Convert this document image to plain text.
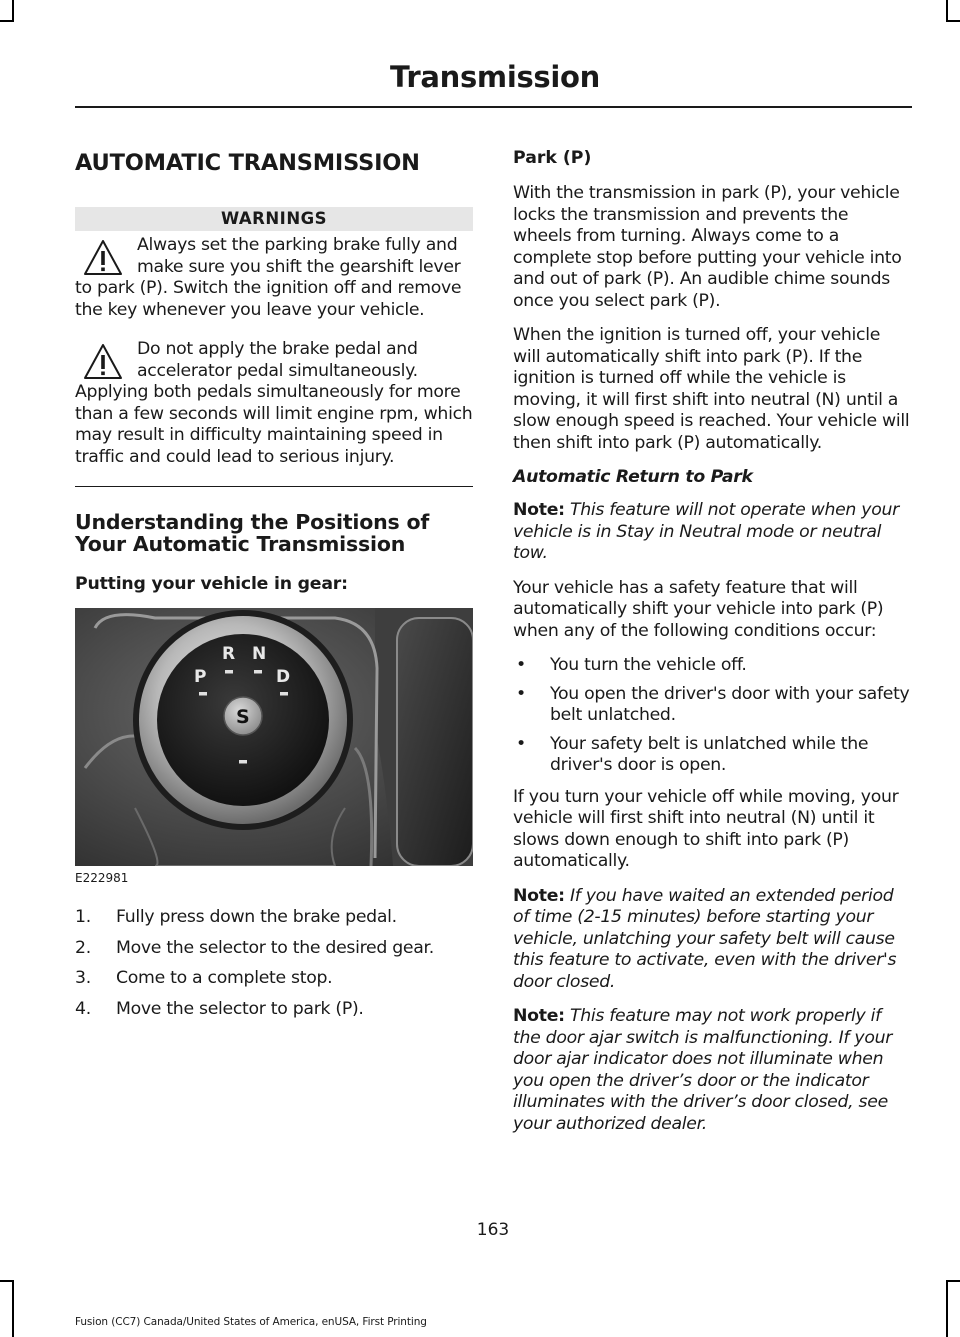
Transmission
AUTOMATIC TRANSMISSION
WARNINGS
Always set the parking brake fully and make sure you shift the gearshift lever to park (P). Switch the ignition off and remove the key whenever you leave your vehicle.
Do not apply the brake pedal and accelerator pedal simultaneously. Applying both pedals simultaneously for more than a few seconds will limit engine rpm, which may result in difficulty maintaining speed in traffic and could lead to serious injury.
Understanding the Positions of Your Automatic Transmission
Putting your vehicle in gear:
P
R N
D
S
E222981
1.	Fully press down the brake pedal.
2.	Move the selector to the desired gear.
3.	Come to a complete stop.
4.	Move the selector to park (P).
Park (P)

With the transmission in park (P), your vehicle locks the transmission and prevents the wheels from turning. Always come to a complete stop before putting your vehicle into and out of park (P). An audible chime sounds once you select park (P).

When the ignition is turned off, your vehicle will automatically shift into park (P). If the ignition is turned off while the vehicle is moving, it will first shift into neutral (N) until a slow enough speed is reached. Your vehicle will then shift into park (P) automatically.

Automatic Return to Park

Note: This feature will not operate when your vehicle is in Stay in Neutral mode or neutral tow.

Your vehicle has a safety feature that will automatically shift your vehicle into park (P) when any of the following conditions occur:

•	You turn the vehicle off.
•	You open the driver's door with your safety belt unlatched.
•	Your safety belt is unlatched while the driver's door is open.

If you turn your vehicle off while moving, your vehicle will first shift into neutral (N) until it slows down enough to shift into park (P) automatically.

Note: If you have waited an extended period of time (2-15 minutes) before starting your vehicle, unlatching your safety belt will cause this feature to activate, even with the driver's door closed.

Note: This feature may not work properly if the door ajar switch is malfunctioning. If your door ajar indicator does not illuminate when you open the driver’s door or the indicator illuminates with the driver’s door closed, see your authorized dealer.

163
Fusion (CC7) Canada/United States of America, enUSA, First Printing
